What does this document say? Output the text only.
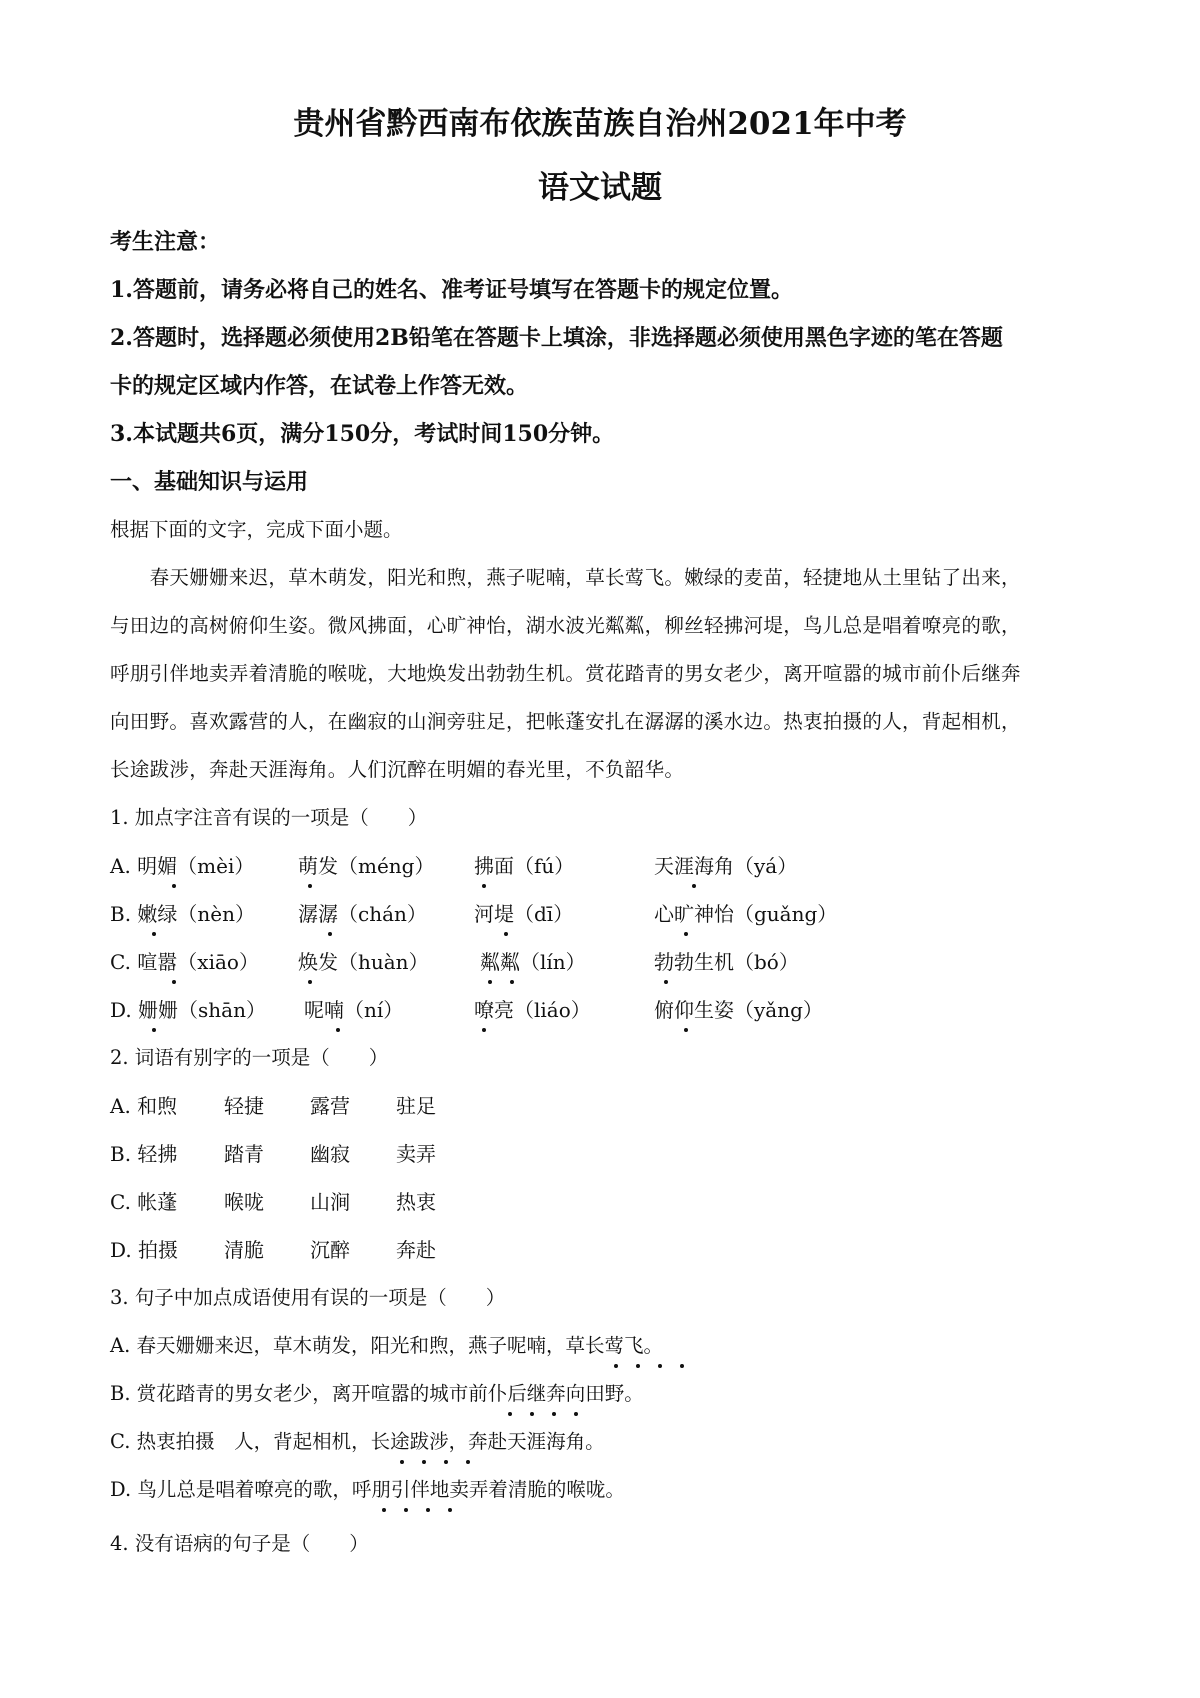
贵州省黔西南布依族苗族自治州2021年中考
语文试题
考生注意：
1.答题前，请务必将自己的姓名、准考证号填写在答题卡的规定位置。
2.答题时，选择题必须使用2B铅笔在答题卡上填涂，非选择题必须使用黑色字迹的笔在答题
卡的规定区域内作答，在试卷上作答无效。
3.本试题共6页，满分150分，考试时间150分钟。
一、基础知识与运用
根据下面的文字，完成下面小题。
　　春天姗姗来迟，草木萌发，阳光和煦，燕子呢喃，草长莺飞。嫩绿的麦苗，轻捷地从土里钻了出来，
与田边的高树俯仰生姿。微风拂面，心旷神怡，湖水波光粼粼，柳丝轻拂河堤，鸟儿总是唱着嘹亮的歌，
呼朋引伴地卖弄着清脆的喉咙，大地焕发出勃勃生机。赏花踏青的男女老少，离开喧嚣的城市前仆后继奔
向田野。喜欢露营的人，在幽寂的山涧旁驻足，把帐蓬安扎在潺潺的溪水边。热衷拍摄的人，背起相机，
长途跋涉，奔赴天涯海角。人们沉醉在明媚的春光里，不负韶华。
1. 加点字注音有误的一项是（　　）
A. 明媚（mèi） 萌发（méng） 拂面（fú）	天涯海角（yá）
B. 嫩绿（nèn） 潺潺（chán） 河堤（dī）	心旷神怡（guǎng）
C. 喧嚣（xiāo） 焕发（huàn）	粼粼（lín）	勃勃生机（bó）
D. 姗姗（shān） 呢喃（ní）	嘹亮（liáo）	俯仰生姿（yǎng）
2. 词语有别字的一项是（　　）
A. 和煦 轻捷 露营 驻足
B. 轻拂 踏青 幽寂 卖弄
C. 帐蓬 喉咙 山涧 热衷
D. 拍摄 清脆 沉醉 奔赴
3. 句子中加点成语使用有误的一项是（　　）
A. 春天姗姗来迟，草木萌发，阳光和煦，燕子呢喃，草长莺飞。
B. 赏花踏青的男女老少，离开喧嚣的城市前仆后继奔向田野。
C. 热衷拍摄　人，背起相机，长途跋涉，奔赴天涯海角。
D. 鸟儿总是唱着嘹亮的歌，呼朋引伴地卖弄着清脆的喉咙。
4. 没有语病的句子是（　　）
